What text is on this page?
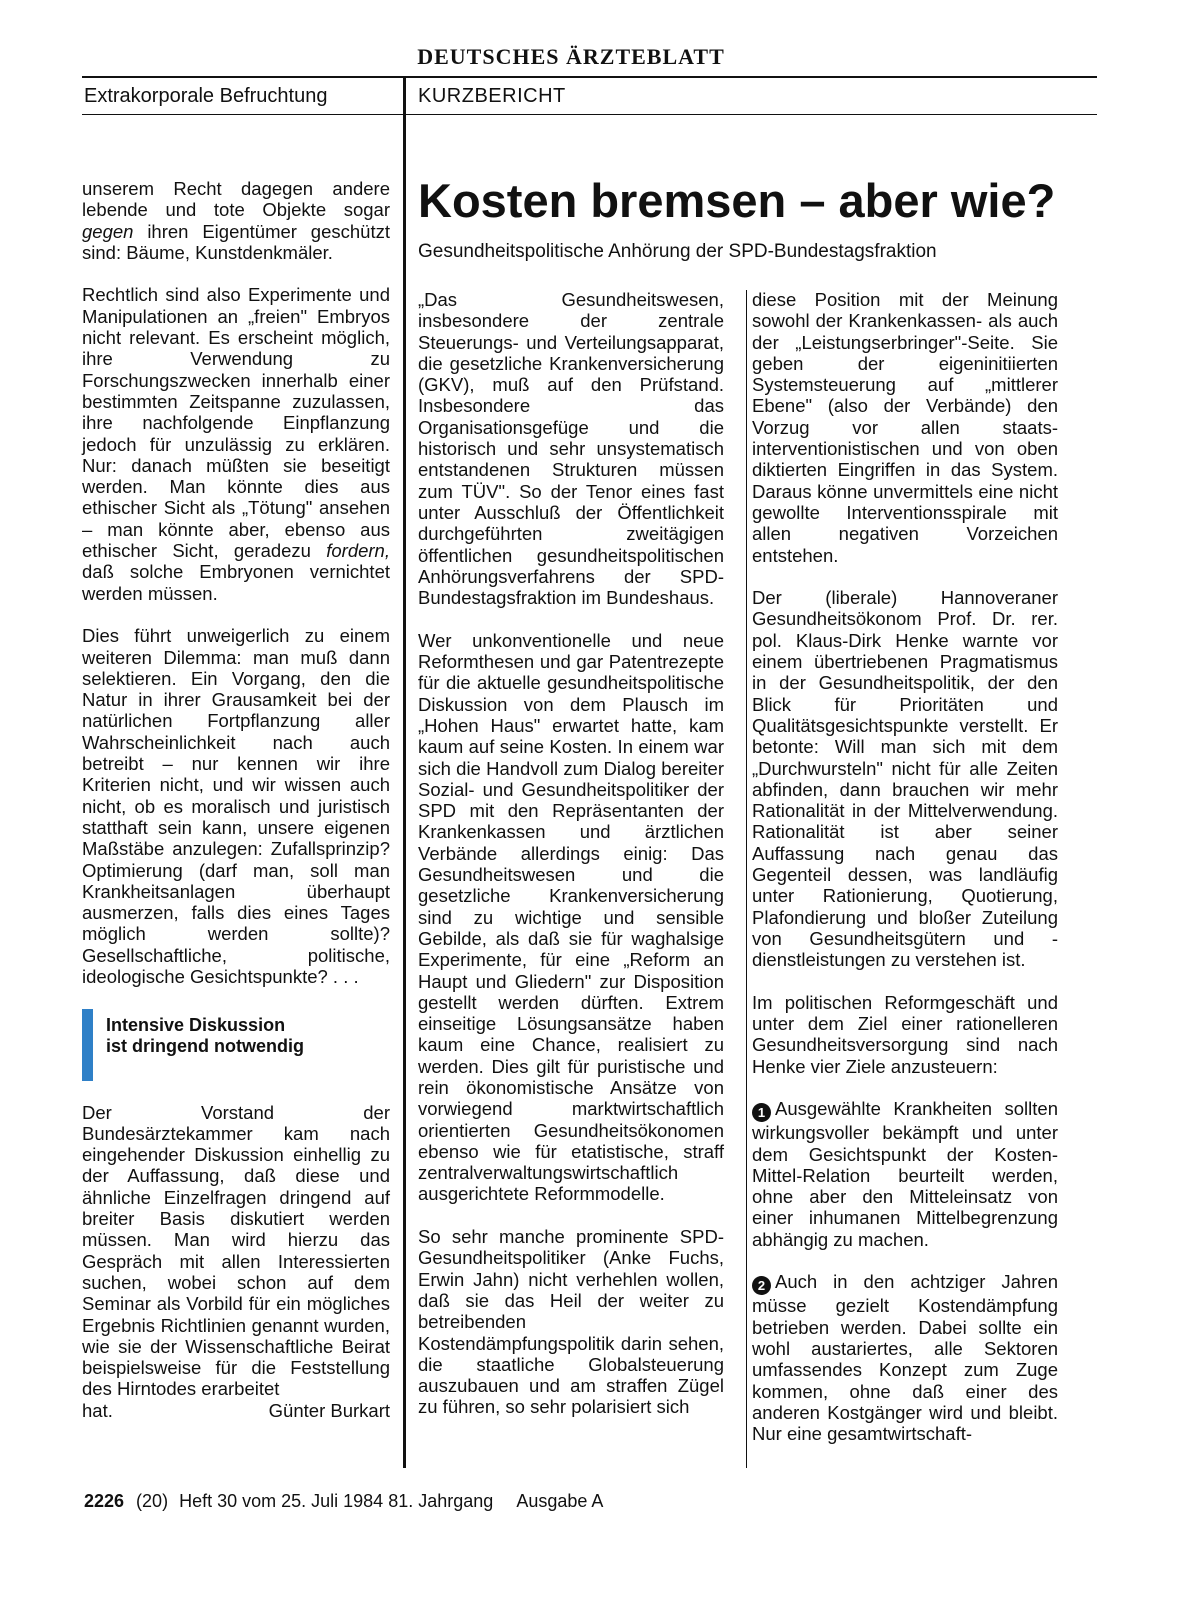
DEUTSCHES ÄRZTEBLATT
Extrakorporale Befruchtung	KURZBERICHT
Kosten bremsen – aber wie?
Gesundheitspolitische Anhörung der SPD-Bundestagsfraktion

unserem Recht dagegen andere lebende und tote Objekte sogar gegen ihren Eigentümer geschützt sind: Bäume, Kunstdenkmäler.

Rechtlich sind also Experimente und Manipulationen an „freien" Embryos nicht relevant. Es erscheint möglich, ihre Verwendung zu Forschungszwecken innerhalb einer bestimmten Zeitspanne zuzulassen, ihre nachfolgende Einpflanzung jedoch für unzulässig zu erklären. Nur: danach müßten sie beseitigt werden. Man könnte dies aus ethischer Sicht als „Tötung" ansehen – man könnte aber, ebenso aus ethischer Sicht, geradezu fordern, daß solche Embryonen vernichtet werden müssen.

Dies führt unweigerlich zu einem weiteren Dilemma: man muß dann selektieren. Ein Vorgang, den die Natur in ihrer Grausamkeit bei der natürlichen Fortpflanzung aller Wahrscheinlichkeit nach auch betreibt – nur kennen wir ihre Kriterien nicht, und wir wissen auch nicht, ob es moralisch und juristisch statthaft sein kann, unsere eigenen Maßstäbe anzulegen: Zufallsprinzip? Optimierung (darf man, soll man Krankheitsanlagen überhaupt ausmerzen, falls dies eines Tages möglich werden sollte)? Gesellschaftliche, politische, ideologische Gesichtspunkte? . . .

Intensive Diskussion
ist dringend notwendig

Der Vorstand der Bundesärztekammer kam nach eingehender Diskussion einhellig zu der Auffassung, daß diese und ähnliche Einzelfragen dringend auf breiter Basis diskutiert werden müssen. Man wird hierzu das Gespräch mit allen Interessierten suchen, wobei schon auf dem Seminar als Vorbild für ein mögliches Ergebnis Richtlinien genannt wurden, wie sie der Wissenschaftliche Beirat beispielsweise für die Feststellung des Hirntodes erarbeitet

hat.	Günter Burkart

„Das Gesundheitswesen, insbesondere der zentrale Steuerungs- und Verteilungsapparat, die gesetzliche Krankenversicherung (GKV), muß auf den Prüfstand. Insbesondere das Organisationsgefüge und die historisch und sehr unsystematisch entstandenen Strukturen müssen zum TÜV". So der Tenor eines fast unter Ausschluß der Öffentlichkeit durchgeführten zweitägigen öffentlichen gesundheitspolitischen Anhörungsverfahrens der SPD-Bundestagsfraktion im Bundeshaus.

Wer unkonventionelle und neue Reformthesen und gar Patentrezepte für die aktuelle gesundheitspolitische Diskussion von dem Plausch im „Hohen Haus" erwartet hatte, kam kaum auf seine Kosten. In einem war sich die Handvoll zum Dialog bereiter Sozial- und Gesundheitspolitiker der SPD mit den Repräsentanten der Krankenkassen und ärztlichen Verbände allerdings einig: Das Gesundheitswesen und die gesetzliche Krankenversicherung sind zu wichtige und sensible Gebilde, als daß sie für waghalsige Experimente, für eine „Reform an Haupt und Gliedern" zur Disposition gestellt werden dürften. Extrem einseitige Lösungsansätze haben kaum eine Chance, realisiert zu werden. Dies gilt für puristische und rein ökonomistische Ansätze von vorwiegend marktwirtschaftlich orientierten Gesundheitsökonomen ebenso wie für etatistische, straff zentralverwaltungswirtschaftlich ausgerichtete Reformmodelle.

So sehr manche prominente SPD-Gesundheitspolitiker (Anke Fuchs, Erwin Jahn) nicht verhehlen wollen, daß sie das Heil der weiter zu betreibenden Kostendämpfungspolitik darin sehen, die staatliche Globalsteuerung auszubauen und am straffen Zügel zu führen, so sehr polarisiert sich

diese Position mit der Meinung sowohl der Krankenkassen- als auch der „Leistungserbringer"-Seite. Sie geben der eigeninitiierten Systemsteuerung auf „mittlerer Ebene" (also der Verbände) den Vorzug vor allen staats-interventionistischen und von oben diktierten Eingriffen in das System. Daraus könne unvermittels eine nicht gewollte Interventionsspirale mit allen negativen Vorzeichen entstehen.

Der (liberale) Hannoveraner Gesundheitsökonom Prof. Dr. rer. pol. Klaus-Dirk Henke warnte vor einem übertriebenen Pragmatismus in der Gesundheitspolitik, der den Blick für Prioritäten und Qualitätsgesichtspunkte verstellt. Er betonte: Will man sich mit dem „Durchwursteln" nicht für alle Zeiten abfinden, dann brauchen wir mehr Rationalität in der Mittelverwendung. Rationalität ist aber seiner Auffassung nach genau das Gegenteil dessen, was landläufig unter Rationierung, Quotierung, Plafondierung und bloßer Zuteilung von Gesundheitsgütern und -dienstleistungen zu verstehen ist.

Im politischen Reformgeschäft und unter dem Ziel einer rationelleren Gesundheitsversorgung sind nach Henke vier Ziele anzusteuern:

1 Ausgewählte Krankheiten sollten wirkungsvoller bekämpft und unter dem Gesichtspunkt der Kosten-Mittel-Relation beurteilt werden, ohne aber den Mitteleinsatz von einer inhumanen Mittelbegrenzung abhängig zu machen.

2 Auch in den achtziger Jahren müsse gezielt Kostendämpfung betrieben werden. Dabei sollte ein wohl austariertes, alle Sektoren umfassendes Konzept zum Zuge kommen, ohne daß einer des anderen Kostgänger wird und bleibt. Nur eine gesamtwirtschaft-

2226 (20) Heft 30 vom 25. Juli 1984 81. Jahrgang Ausgabe A
